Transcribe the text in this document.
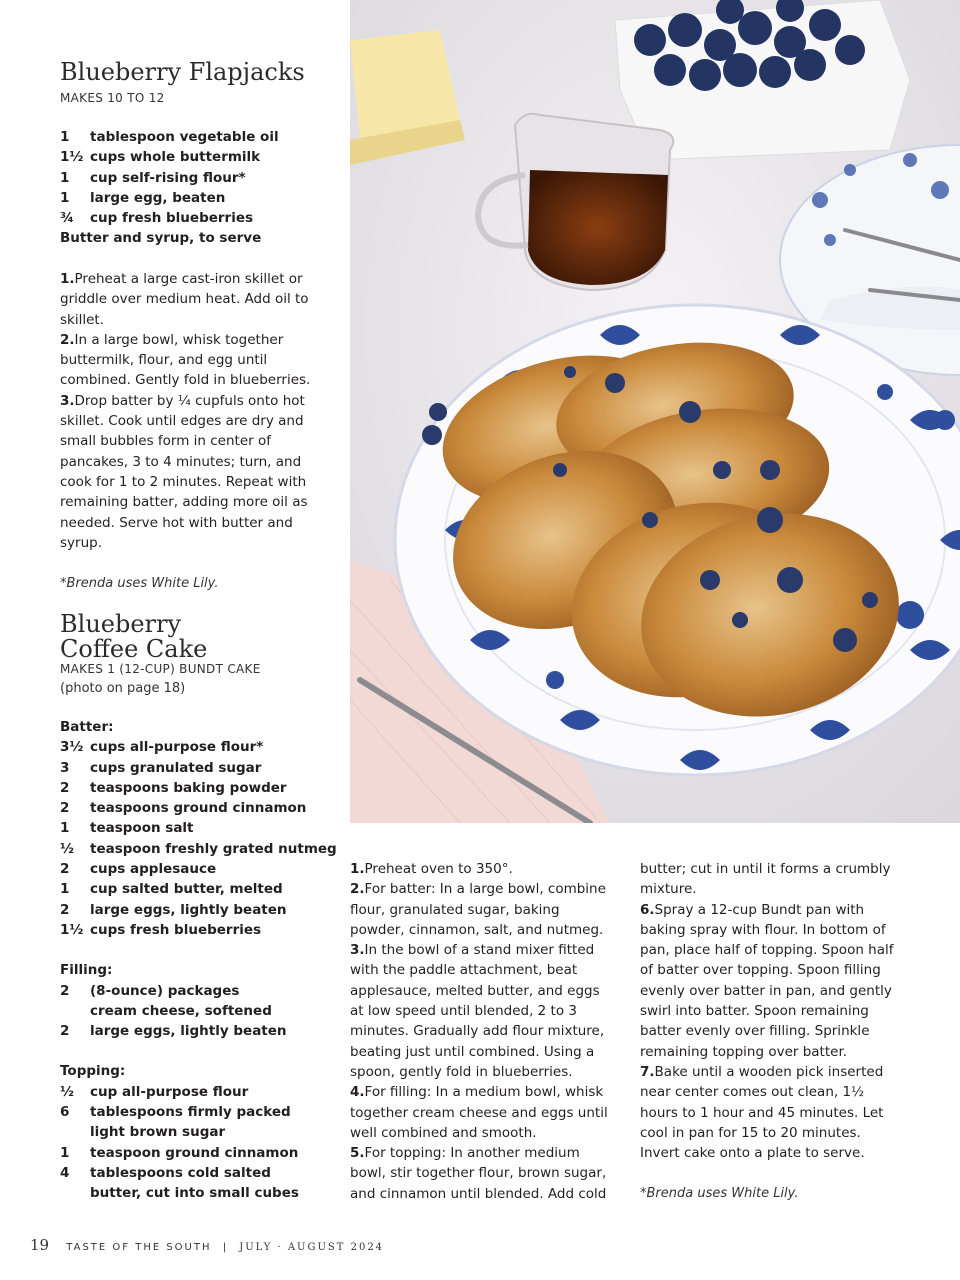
Blueberry Flapjacks
MAKES 10 TO 12
1	tablespoon vegetable oil
1½ cups whole buttermilk
1	cup self-rising flour*
1	large egg, beaten
¾	cup fresh blueberries
Butter and syrup, to serve

1.Preheat a large cast-iron skillet or griddle over medium heat. Add oil to skillet.

2.In a large bowl, whisk together buttermilk, flour, and egg until combined. Gently fold in blueberries.

3.Drop batter by ¼ cupfuls onto hot skillet. Cook until edges are dry and small bubbles form in center of pancakes, 3 to 4 minutes; turn, and cook for 1 to 2 minutes. Repeat with remaining batter, adding more oil as needed. Serve hot with butter and syrup.

*Brenda uses White Lily.
Blueberry
Coffee Cake
MAKES 1 (12-CUP) BUNDT CAKE
(photo on page 18)
Batter:
3½ cups all-purpose flour*
3	cups granulated sugar
2	teaspoons baking powder
2	teaspoons ground cinnamon
1	teaspoon salt
½	teaspoon freshly grated nutmeg
2	cups applesauce
1	cup salted butter, melted
2	large eggs, lightly beaten
1½ cups fresh blueberries
Filling:
2	(8-ounce) packages cream cheese, softened
2	large eggs, lightly beaten
Topping:
½	cup all-purpose flour
6	tablespoons firmly packed light brown sugar
1	teaspoon ground cinnamon
4	tablespoons cold salted butter, cut into small cubes

1.Preheat oven to 350°.

2.For batter: In a large bowl, combine flour, granulated sugar, baking powder, cinnamon, salt, and nutmeg.

3.In the bowl of a stand mixer fitted with the paddle attachment, beat applesauce, melted butter, and eggs at low speed until blended, 2 to 3 minutes. Gradually add flour mixture, beating just until combined. Using a spoon, gently fold in blueberries.

4.For filling: In a medium bowl, whisk together cream cheese and eggs until well combined and smooth.

5.For topping: In another medium bowl, stir together flour, brown sugar, and cinnamon until blended. Add cold

butter; cut in until it forms a crumbly mixture.

6.Spray a 12-cup Bundt pan with baking spray with flour. In bottom of pan, place half of topping. Spoon half of batter over topping. Spoon filling evenly over batter in pan, and gently swirl into batter. Spoon remaining batter evenly over filling. Sprinkle remaining topping over batter.

7.Bake until a wooden pick inserted near center comes out clean, 1½ hours to 1 hour and 45 minutes. Let cool in pan for 15 to 20 minutes. Invert cake onto a plate to serve.

*Brenda uses White Lily.
19 TASTE OF THE SOUTH | JULY · AUGUST 2024
